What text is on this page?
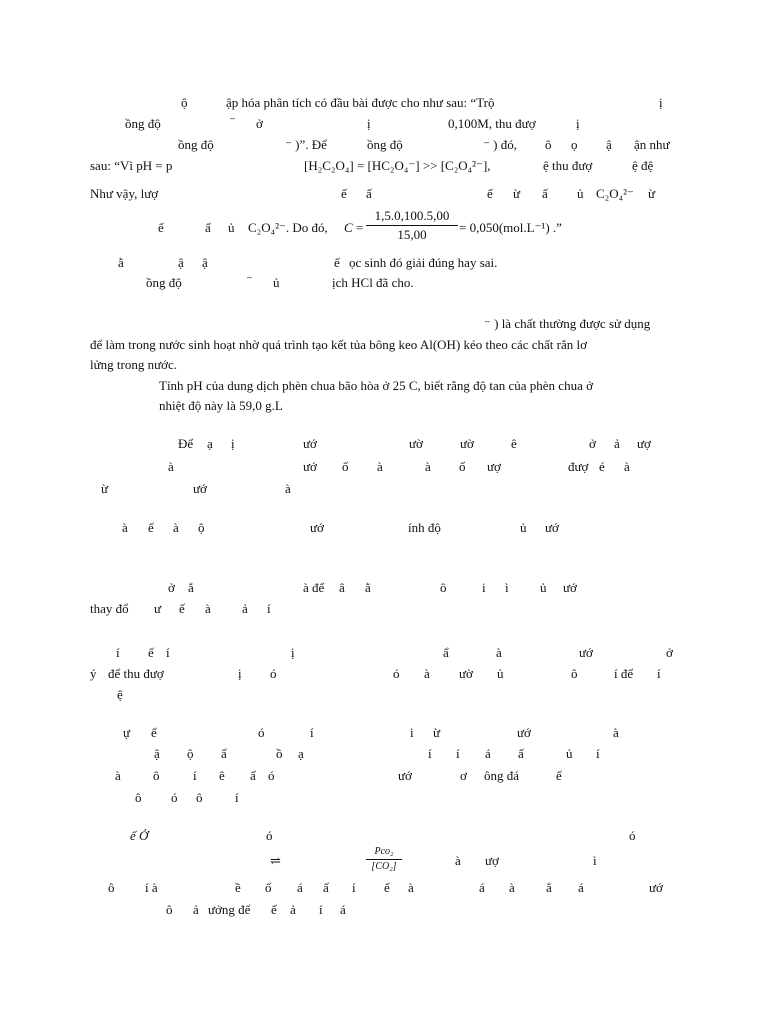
ộ	ập hóa phân tích có đầu bài được cho như sau: “Trộ	ị
ồng độ	⁻ ở	ị	0,100M, thu đượ	ị
ồng độ	⁻ )”. Để	ồng độ	⁻ ) đó, ô ọ ậ ận như
sau: “Vì pH = p	[H₂C₂O₄] = [HC₂O₄⁻] >> [C₂O₄²⁻],	ệ thu đượ	ệ đệ
Như vậy, lượ	ế ấ	ế ừ ấ ủ C₂O₄²⁻ ừ
ế	ấ ủ C₂O₄²⁻. Do đó, $C = \frac{1,5.0,100.5,00}{15,00} = 0,050(mol.L^{-1})$ .”
ằ	ậ ậ	ế ọc sinh đó giải đúng hay sai.
ồng độ	⁻ ủ	ịch HCl đã cho.
⁻ ) là chất thường được sử dụng
để làm trong nước sinh hoạt nhờ quá trình tạo kết tủa bông keo Al(OH) kéo theo các chất rắn lơ
lửng trong nước.
Tính pH của dung dịch phèn chua bão hòa ở 25 C, biết rằng độ tan của phèn chua ở
nhiệt độ này là 59,0 g.L
Để ạ ị	ướ	ườ	ườ	ê	ở ả ượ
à	ướ ố à	à ổ ượ	đượ é à
ừ	ướ	à
à ế à ộ	ướ	ính độ	ủ ướ
ở ắ	à để â ằ	ô	i ì ủ ướ
thay đổ ư ế à ả í
í ế í	ị	ẩ	à	ướ	ở
ý để thu đượ	ị ó	ó à ườ ủ	ô	í để í
ệ
ự ế	ó	í	i ừ	ướ	à
ậ ộ ẩ	ồ ạ	í í á ấ	ủ í
à ô	í ê ấ ó	ướ	ơ ông đá	ế
ô ó ô	í
ế Ở	ó	ó
⇌
Pco₂
[CO₂]	à ượ	ì
ô í à	ề ố á ấ í ế à	á à ẳ á	ướ
ô ả ưởng để ế ả í á
